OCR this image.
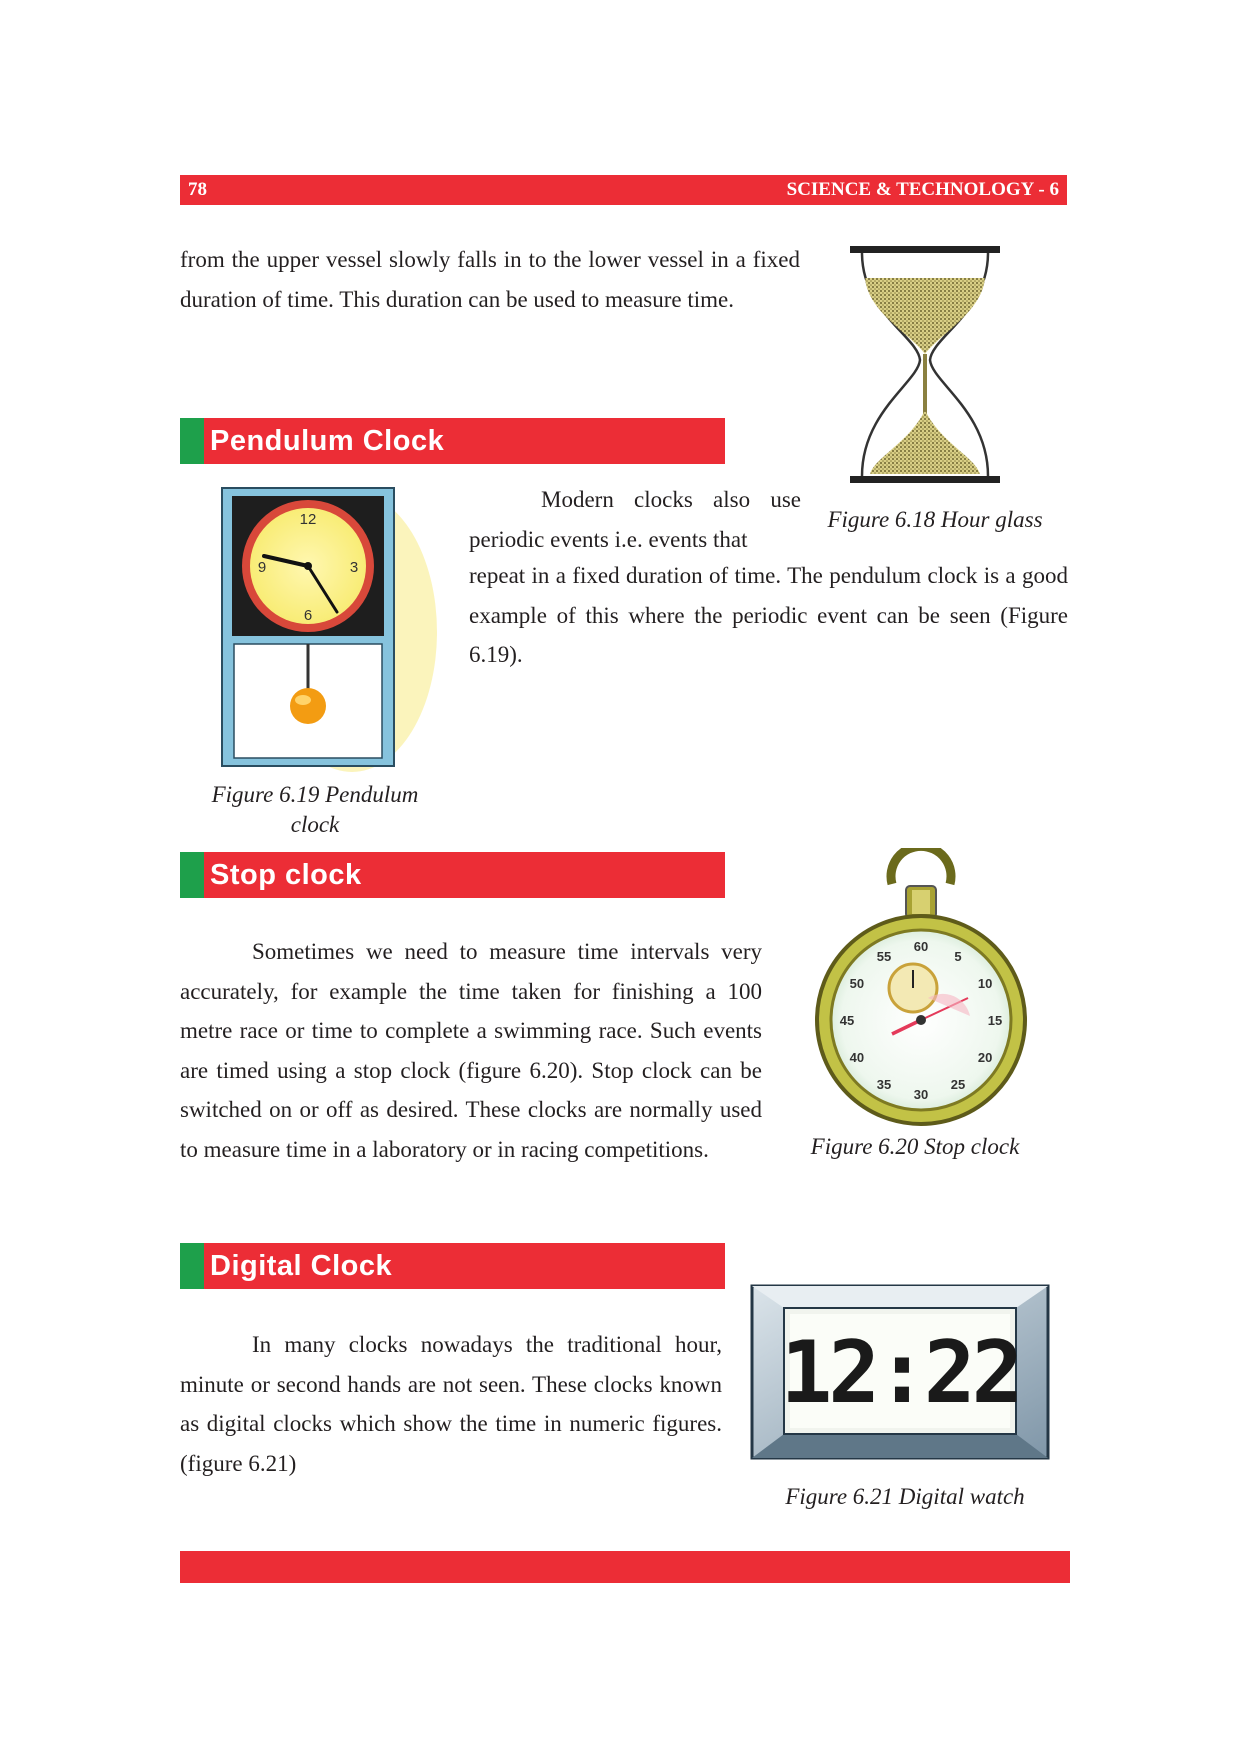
78	SCIENCE & TECHNOLOGY - 6

from the upper vessel slowly falls in to the lower vessel in a fixed duration of time. This duration can be used to measure time.

Figure 6.18 Hour glass
Pendulum Clock
12
3
6
9
Figure 6.19 Pendulum clock

Modern clocks also use periodic events i.e. events that

repeat in a fixed duration of time. The pendulum clock is a good example of this where the periodic event can be seen (Figure 6.19).

Stop clock

Sometimes we need to measure time intervals very accurately, for example the time taken for finishing a 100 metre race or time to complete a swimming race. Such events are timed using a stop clock (figure 6.20). Stop clock can be switched on or off as desired. These clocks are normally used to measure time in a laboratory or in racing competitions.

60
5
10
15
20
25
30
35
40
45
50
55
Figure 6.20 Stop clock
Digital Clock

In many clocks nowadays the traditional hour, minute or second hands are not seen. These clocks known as digital clocks which show the time in numeric figures. (figure 6.21)

12:22
Figure 6.21 Digital watch
